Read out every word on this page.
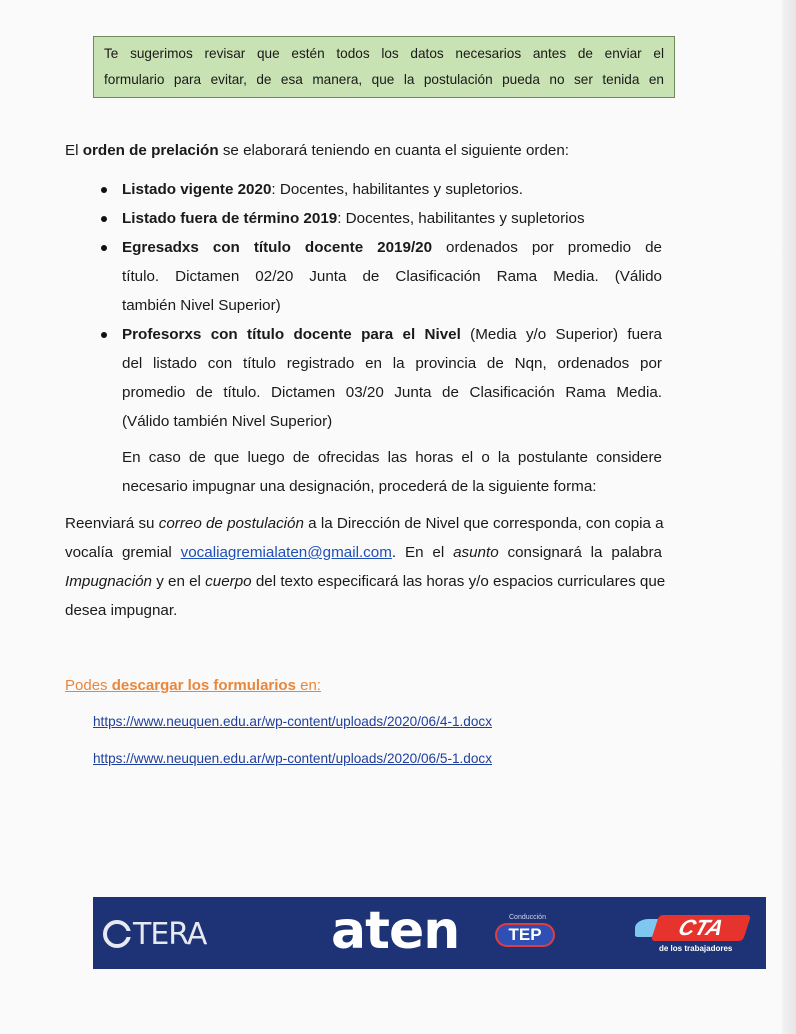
Te sugerimos revisar que estén todos los datos necesarios antes de enviar el
formulario para evitar, de esa manera, que la postulación pueda no ser tenida en
El orden de prelación se elaborará teniendo en cuanta el siguiente orden:
Listado vigente 2020: Docentes, habilitantes y supletorios.
Listado fuera de término 2019: Docentes, habilitantes y supletorios
Egresadxs con título docente 2019/20 ordenados por promedio de
título. Dictamen 02/20 Junta de Clasificación Rama Media. (Válido
también Nivel Superior)
Profesorxs con título docente para el Nivel (Media y/o Superior) fuera
del listado con título registrado en la provincia de Nqn, ordenados por
promedio de título. Dictamen 03/20 Junta de Clasificación Rama Media.
(Válido también Nivel Superior)
En caso de que luego de ofrecidas las horas el o la postulante considere
necesario impugnar una designación, procederá de la siguiente forma:
Reenviará su correo de postulación a la Dirección de Nivel que corresponda, con copia a
vocalía gremial vocaliagremialaten@gmail.com. En el asunto consignará la palabra
Impugnación y en el cuerpo del texto especificará las horas y/o espacios curriculares que
desea impugnar.
Podes descargar los formularios en:
https://www.neuquen.edu.ar/wp-content/uploads/2020/06/4-1.docx
https://www.neuquen.edu.ar/wp-content/uploads/2020/06/5-1.docx
TERA aten	Conducción
TEP	CTA
de los trabajadores
